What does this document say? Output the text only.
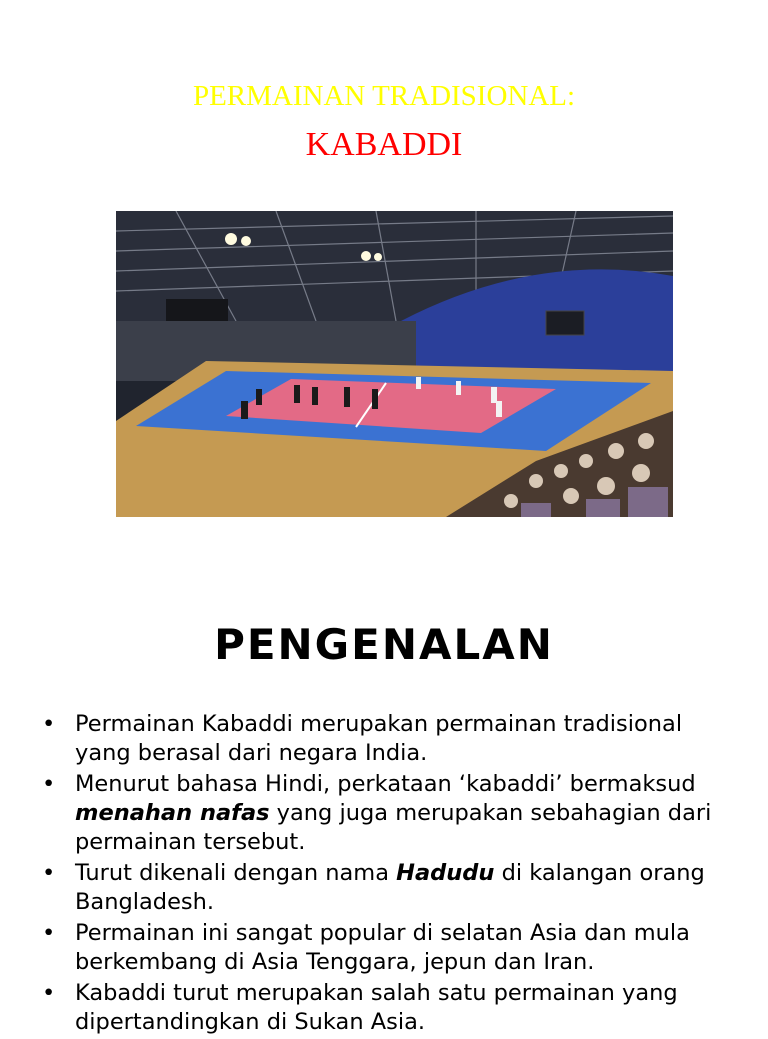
PERMAINAN TRADISIONAL:
KABADDI
PENGENALAN
• Permainan Kabaddi merupakan permainan tradisional yang berasal dari negara India.
• Menurut bahasa Hindi, perkataan ‘kabaddi’ bermaksud menahan nafas yang juga merupakan sebahagian dari permainan tersebut.
• Turut dikenali dengan nama Hadudu di kalangan orang Bangladesh.
• Permainan ini sangat popular di selatan Asia dan mula berkembang di Asia Tenggara, jepun dan Iran.
• Kabaddi turut merupakan salah satu permainan yang dipertandingkan di Sukan Asia.
